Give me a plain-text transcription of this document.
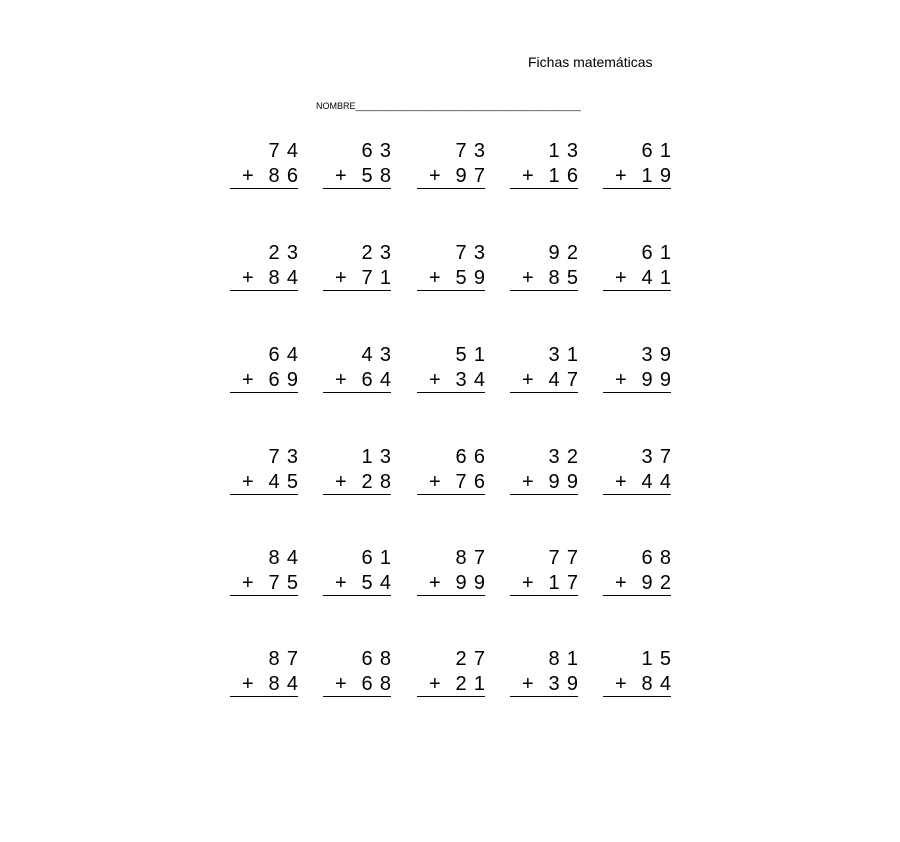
Fichas matemáticas
NOMBRE_____________________________________________
7 4
+ 8 6
6 3
+ 5 8
7 3
+ 9 7
1 3
+ 1 6
6 1
+ 1 9
2 3
+ 8 4
2 3
+ 7 1
7 3
+ 5 9
9 2
+ 8 5
6 1
+ 4 1
6 4
+ 6 9
4 3
+ 6 4
5 1
+ 3 4
3 1
+ 4 7
3 9
+ 9 9
7 3
+ 4 5
1 3
+ 2 8
6 6
+ 7 6
3 2
+ 9 9
3 7
+ 4 4
8 4
+ 7 5
6 1
+ 5 4
8 7
+ 9 9
7 7
+ 1 7
6 8
+ 9 2
8 7
+ 8 4
6 8
+ 6 8
2 7
+ 2 1
8 1
+ 3 9
1 5
+ 8 4
